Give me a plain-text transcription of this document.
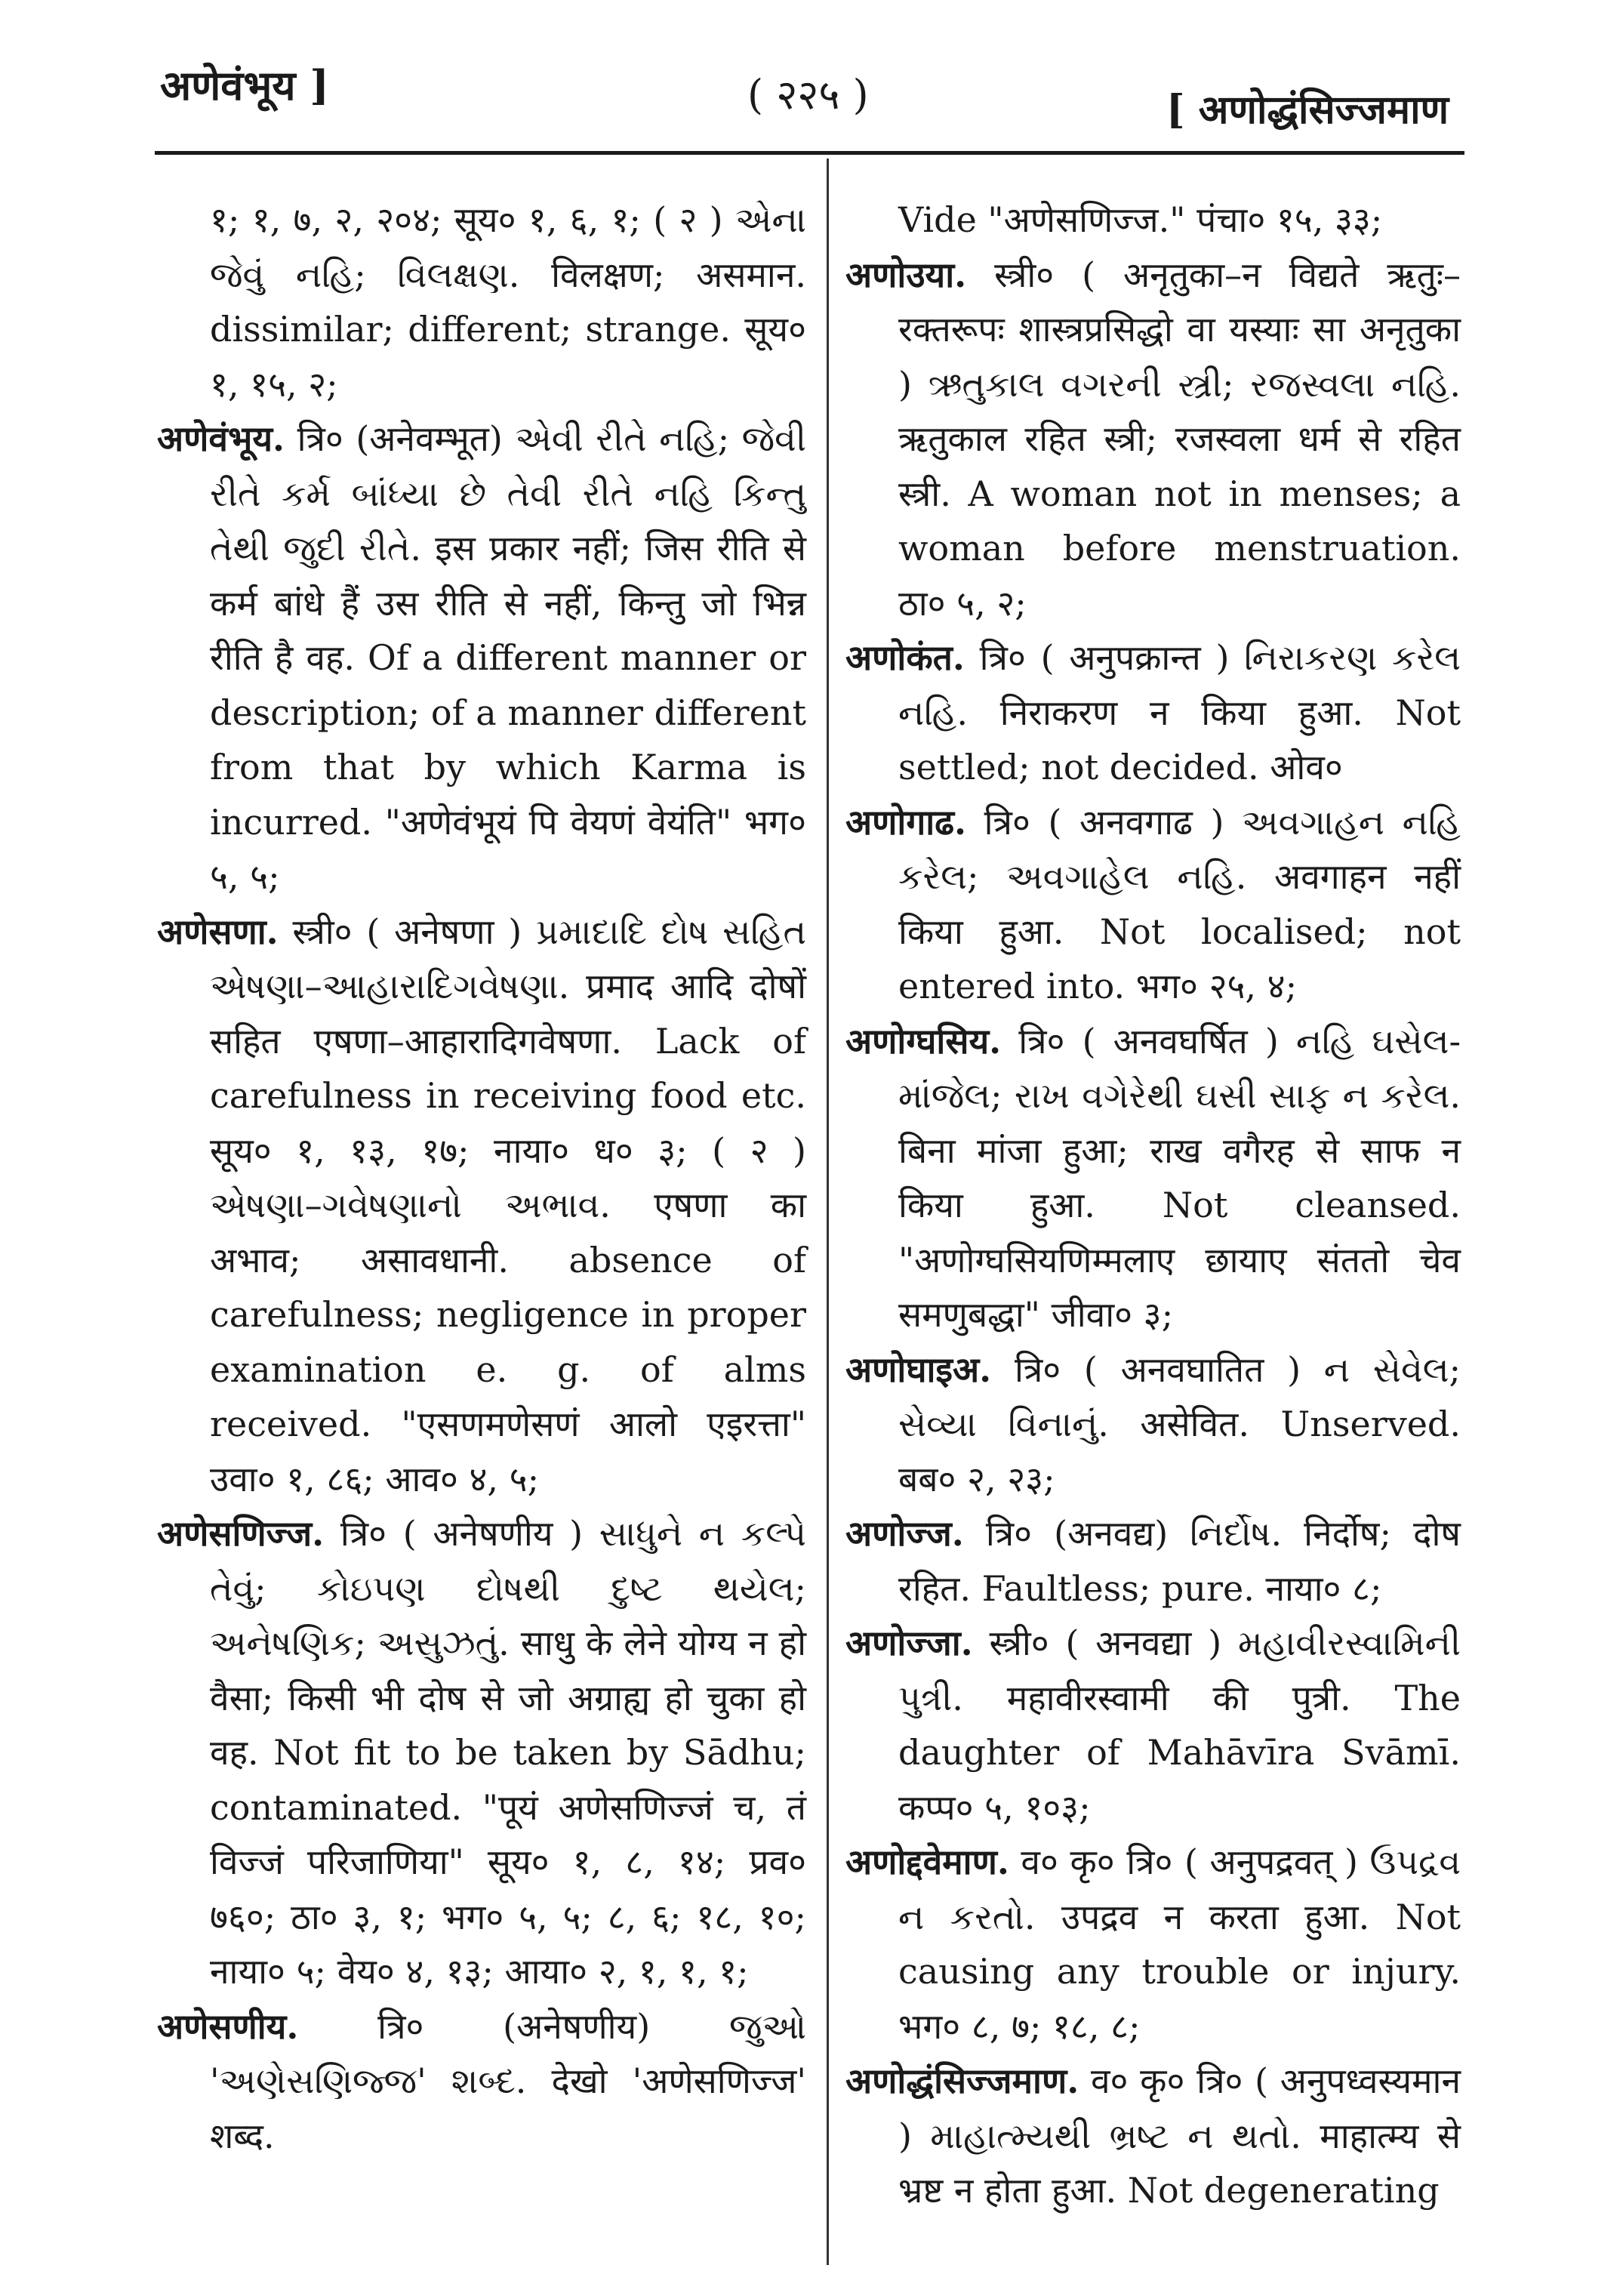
अणेवंभूय ]	( २२५ )	[ अणोद्धंसिज्जमाण

१; १, ७, २, २०४; सूय० १, ६, १; ( २ ) એના જેવું નહિ; વિલક્ષણ. विलक्षण; असमान. dissimilar; different; strange. सूय० १, १५, २;

अणेवंभूय. त्रि० (अनेवम्भूत) એવી રીતે નહિ; જેવી રીતે કર્મ બાંધ્યા છે તેવી રીતે નહિ કિન્તુ તેથી જુદી રીતે. इस प्रकार नहीं; जिस रीति से कर्म बांधे हैं उस रीति से नहीं, किन्तु जो भिन्न रीति है वह. Of a different manner or description; of a manner different from that by which Karma is incurred. "अणेवंभूयं पि वेयणं वेयंति" भग० ५, ५;

अणेसणा. स्त्री० ( अनेषणा ) પ્રમાદાદિ દોષ સહિત એષણા–આહારાદિગવેષણા. प्रमाद आदि दोषों सहित एषणा–आहारादिगवेषणा. Lack of carefulness in receiving food etc. सूय० १, १३, १७; नाया० ध० ३; ( २ ) એષણા–ગવેષણાનો અભાવ. एषणा का अभाव; असावधानी. absence of carefulness; negligence in proper examination e. g. of alms received. "एसणमणेसणं आलो एइरत्ता" उवा० १, ८६; आव० ४, ५;

अणेसणिज्ज. त्रि० ( अनेषणीय ) સાધુને ન કલ્પે તેવું; કોઇપણ દોષથી દુષ્ટ થયેલ; અનેષણિક; અસુઝતું. साधु के लेने योग्य न हो वैसा; किसी भी दोष से जो अग्राह्य हो चुका हो वह. Not fit to be taken by Sādhu; contaminated. "पूयं अणेसणिज्जं च, तं विज्जं परिजाणिया" सूय० १, ८, १४; प्रव० ७६०; ठा० ३, १; भग० ५, ५; ८, ६; १८, १०; नाया० ५; वेय० ४, १३; आया० २, १, १, १;

अणेसणीय. त्रि० (अनेषणीय) જુઓ 'અણેસણિજ્જ' શબ્દ. देखो 'अणेसणिज्ज' शब्द.

Vide "अणेसणिज्ज." पंचा० १५, ३३;

अणोउया. स्त्री० ( अनृतुका–न विद्यते ऋतुः–रक्तरूपः शास्त्रप्रसिद्धो वा यस्याः सा अनृतुका ) ઋતુકાલ વગરની સ્ત્રી; રજસ્વલા નહિ. ऋतुकाल रहित स्त्री; रजस्वला धर्म से रहित स्त्री. A woman not in menses; a woman before menstruation. ठा० ५, २;

अणोकंत. त्रि० ( अनुपक्रान्त ) નિરાકરણ કરેલ નહિ. निराकरण न किया हुआ. Not settled; not decided. ओव०

अणोगाढ. त्रि० ( अनवगाढ ) અવગાહન નહિ કરેલ; અવગાહેલ નહિ. अवगाहन नहीं किया हुआ. Not localised; not entered into. भग० २५, ४;

अणोग्घसिय. त्रि० ( अनवघर्षित ) નહિ ઘસેલ-માંજેલ; રાખ વગેરેથી ઘસી સાફ ન કરેલ. बिना मांजा हुआ; राख वगैरह से साफ न किया हुआ. Not cleansed. "अणोग्घसियणिम्मलाए छायाए संततो चेव समणुबद्धा" जीवा० ३;

अणोघाइअ. त्रि० ( अनवघातित ) ન સેવેલ; સેવ્યા વિનાનું. असेवित. Unserved. बब० २, २३;

अणोज्ज. त्रि० (अनवद्य) નિર્દોષ. निर्दोष; दोष रहित. Faultless; pure. नाया० ८;

अणोज्जा. स्त्री० ( अनवद्या ) મહાવીરસ્વામિની પુત્રી. महावीरस्वामी की पुत्री. The daughter of Mahāvīra Svāmī. कप्प० ५, १०३;

अणोद्दवेमाण. व० कृ० त्रि० ( अनुपद्रवत् ) ઉપદ્રવ ન કરતો. उपद्रव न करता हुआ. Not causing any trouble or injury. भग० ८, ७; १८, ८;

अणोद्धंसिज्जमाण. व० कृ० त्रि० ( अनुपध्वस्यमान ) માહાત્મ્યથી ભ્રષ્ટ ન થતો. माहात्म्य से भ्रष्ट न होता हुआ. Not degenerating
